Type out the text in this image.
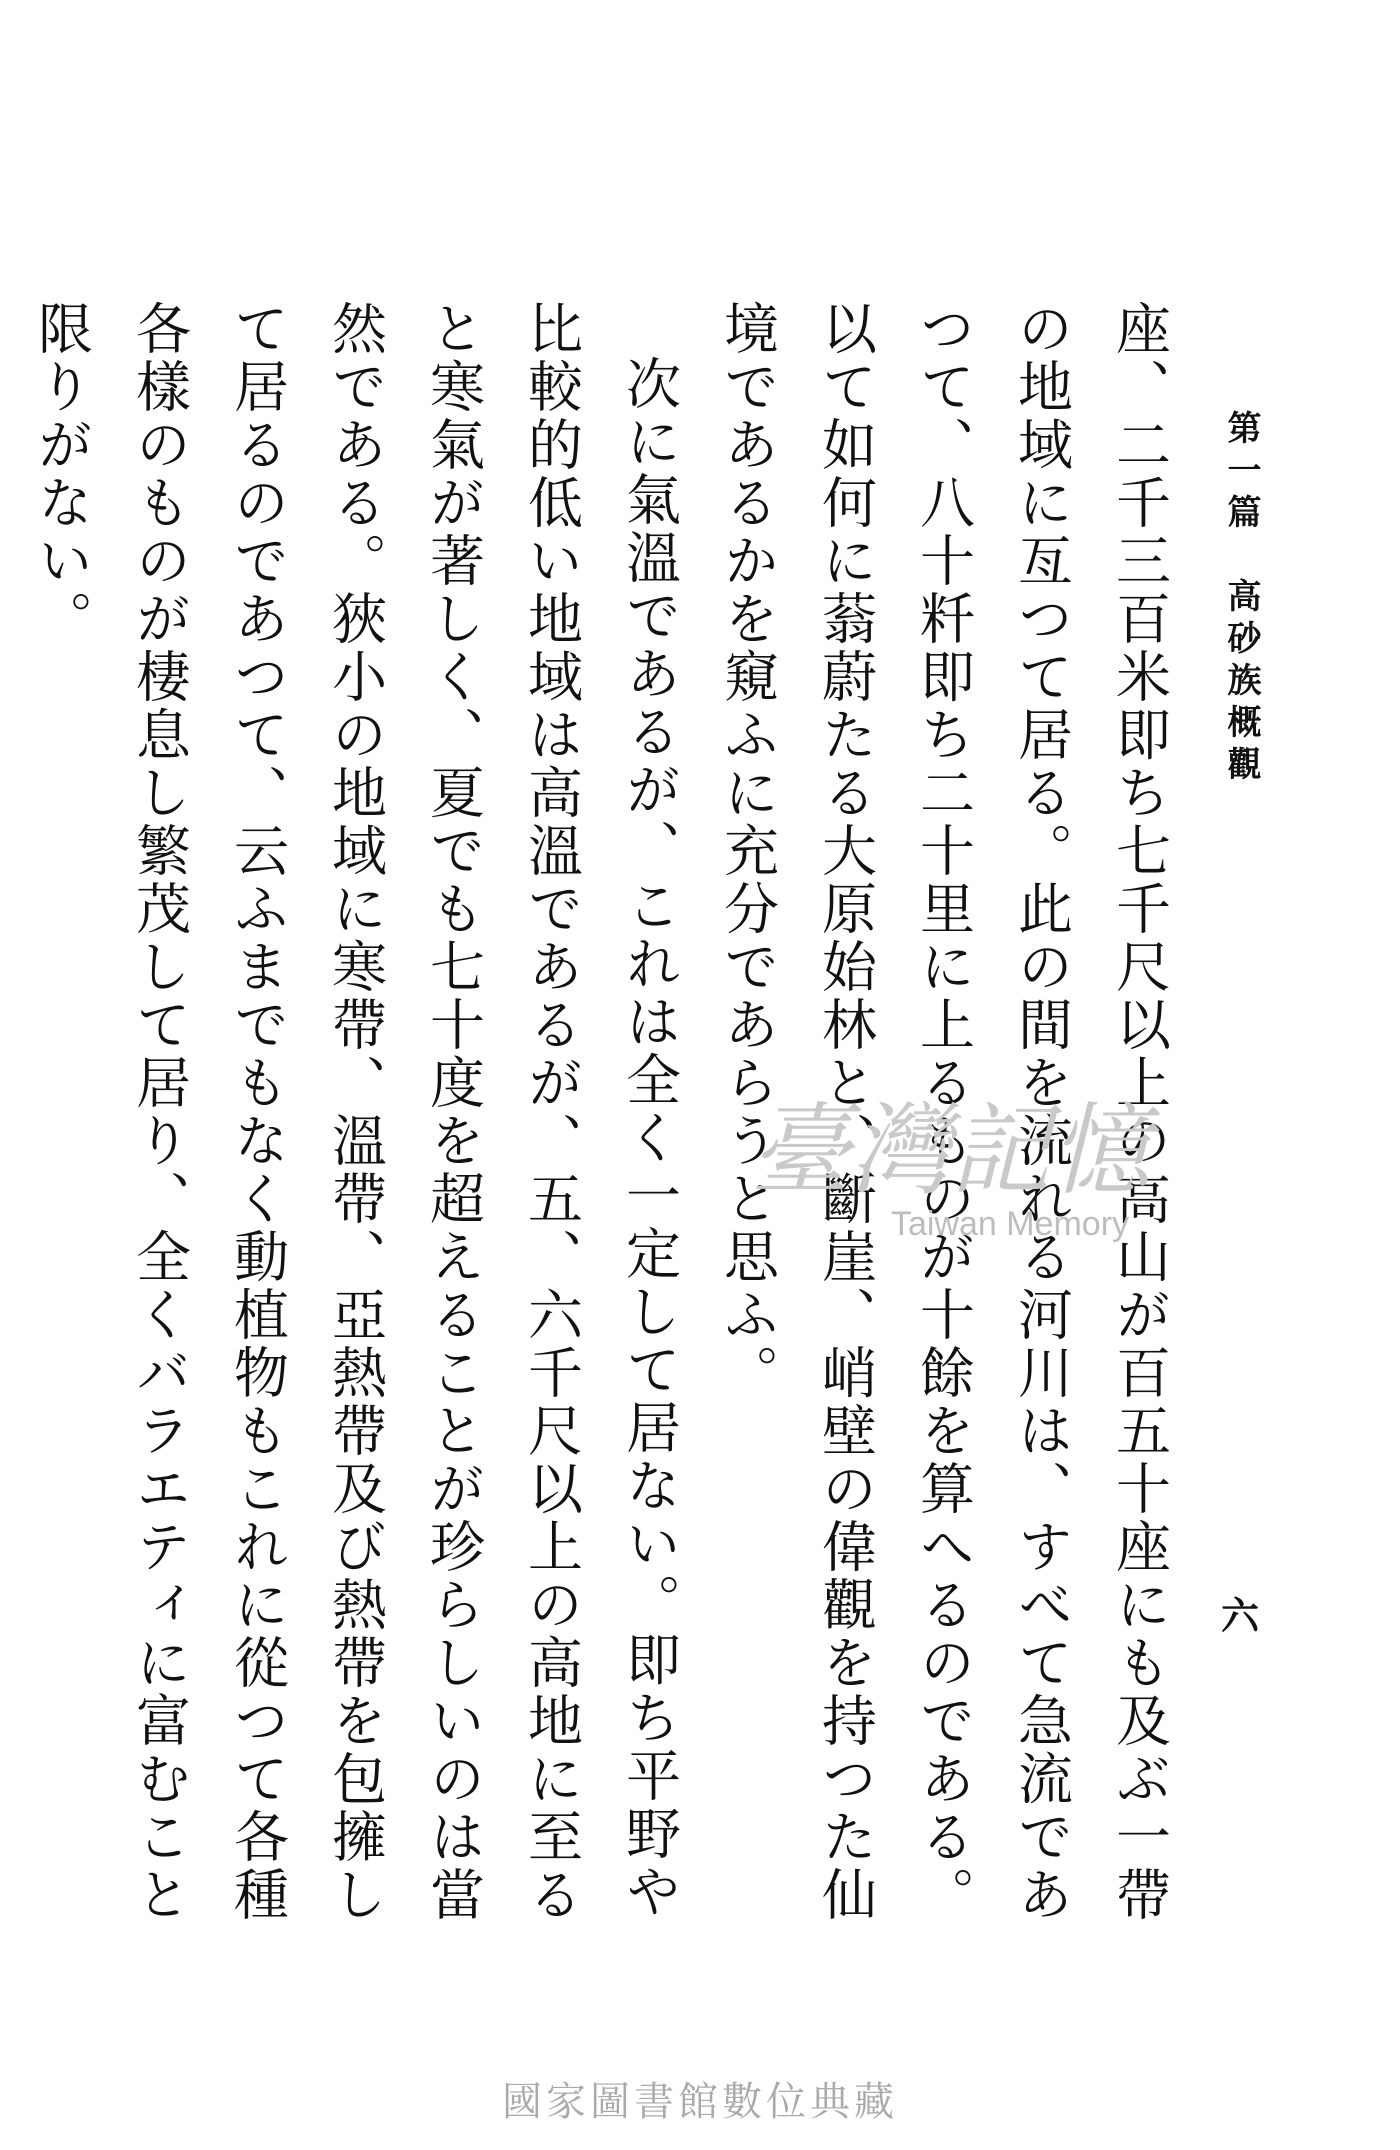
第一篇　高砂族概觀
六

座、二千三百米即ち七千尺以上の高山が百五十座にも及ぶ一帶の地域に亙つて居る。此の間を流れる河川は、すべて急流であつて、八十粁即ち二十里に上るものが十餘を算へるのである。以て如何に蓊蔚たる大原始林と、斷崖、峭壁の偉觀を持つた仙境であるかを窺ふに充分であらうと思ふ。

次に氣溫であるが、これは全く一定して居ない。即ち平野や比較的低い地域は高溫であるが、五、六千尺以上の高地に至ると寒氣が著しく、夏でも七十度を超えることが珍らしいのは當然である。狹小の地域に寒帶、溫帶、亞熱帶及び熱帶を包擁して居るのであつて、云ふまでもなく動植物もこれに從つて各種各樣のものが棲息し繁茂して居り、全くバラエティに富むこと限りがない。

臺灣記憶
Taiwan Memory
國家圖書館數位典藏
